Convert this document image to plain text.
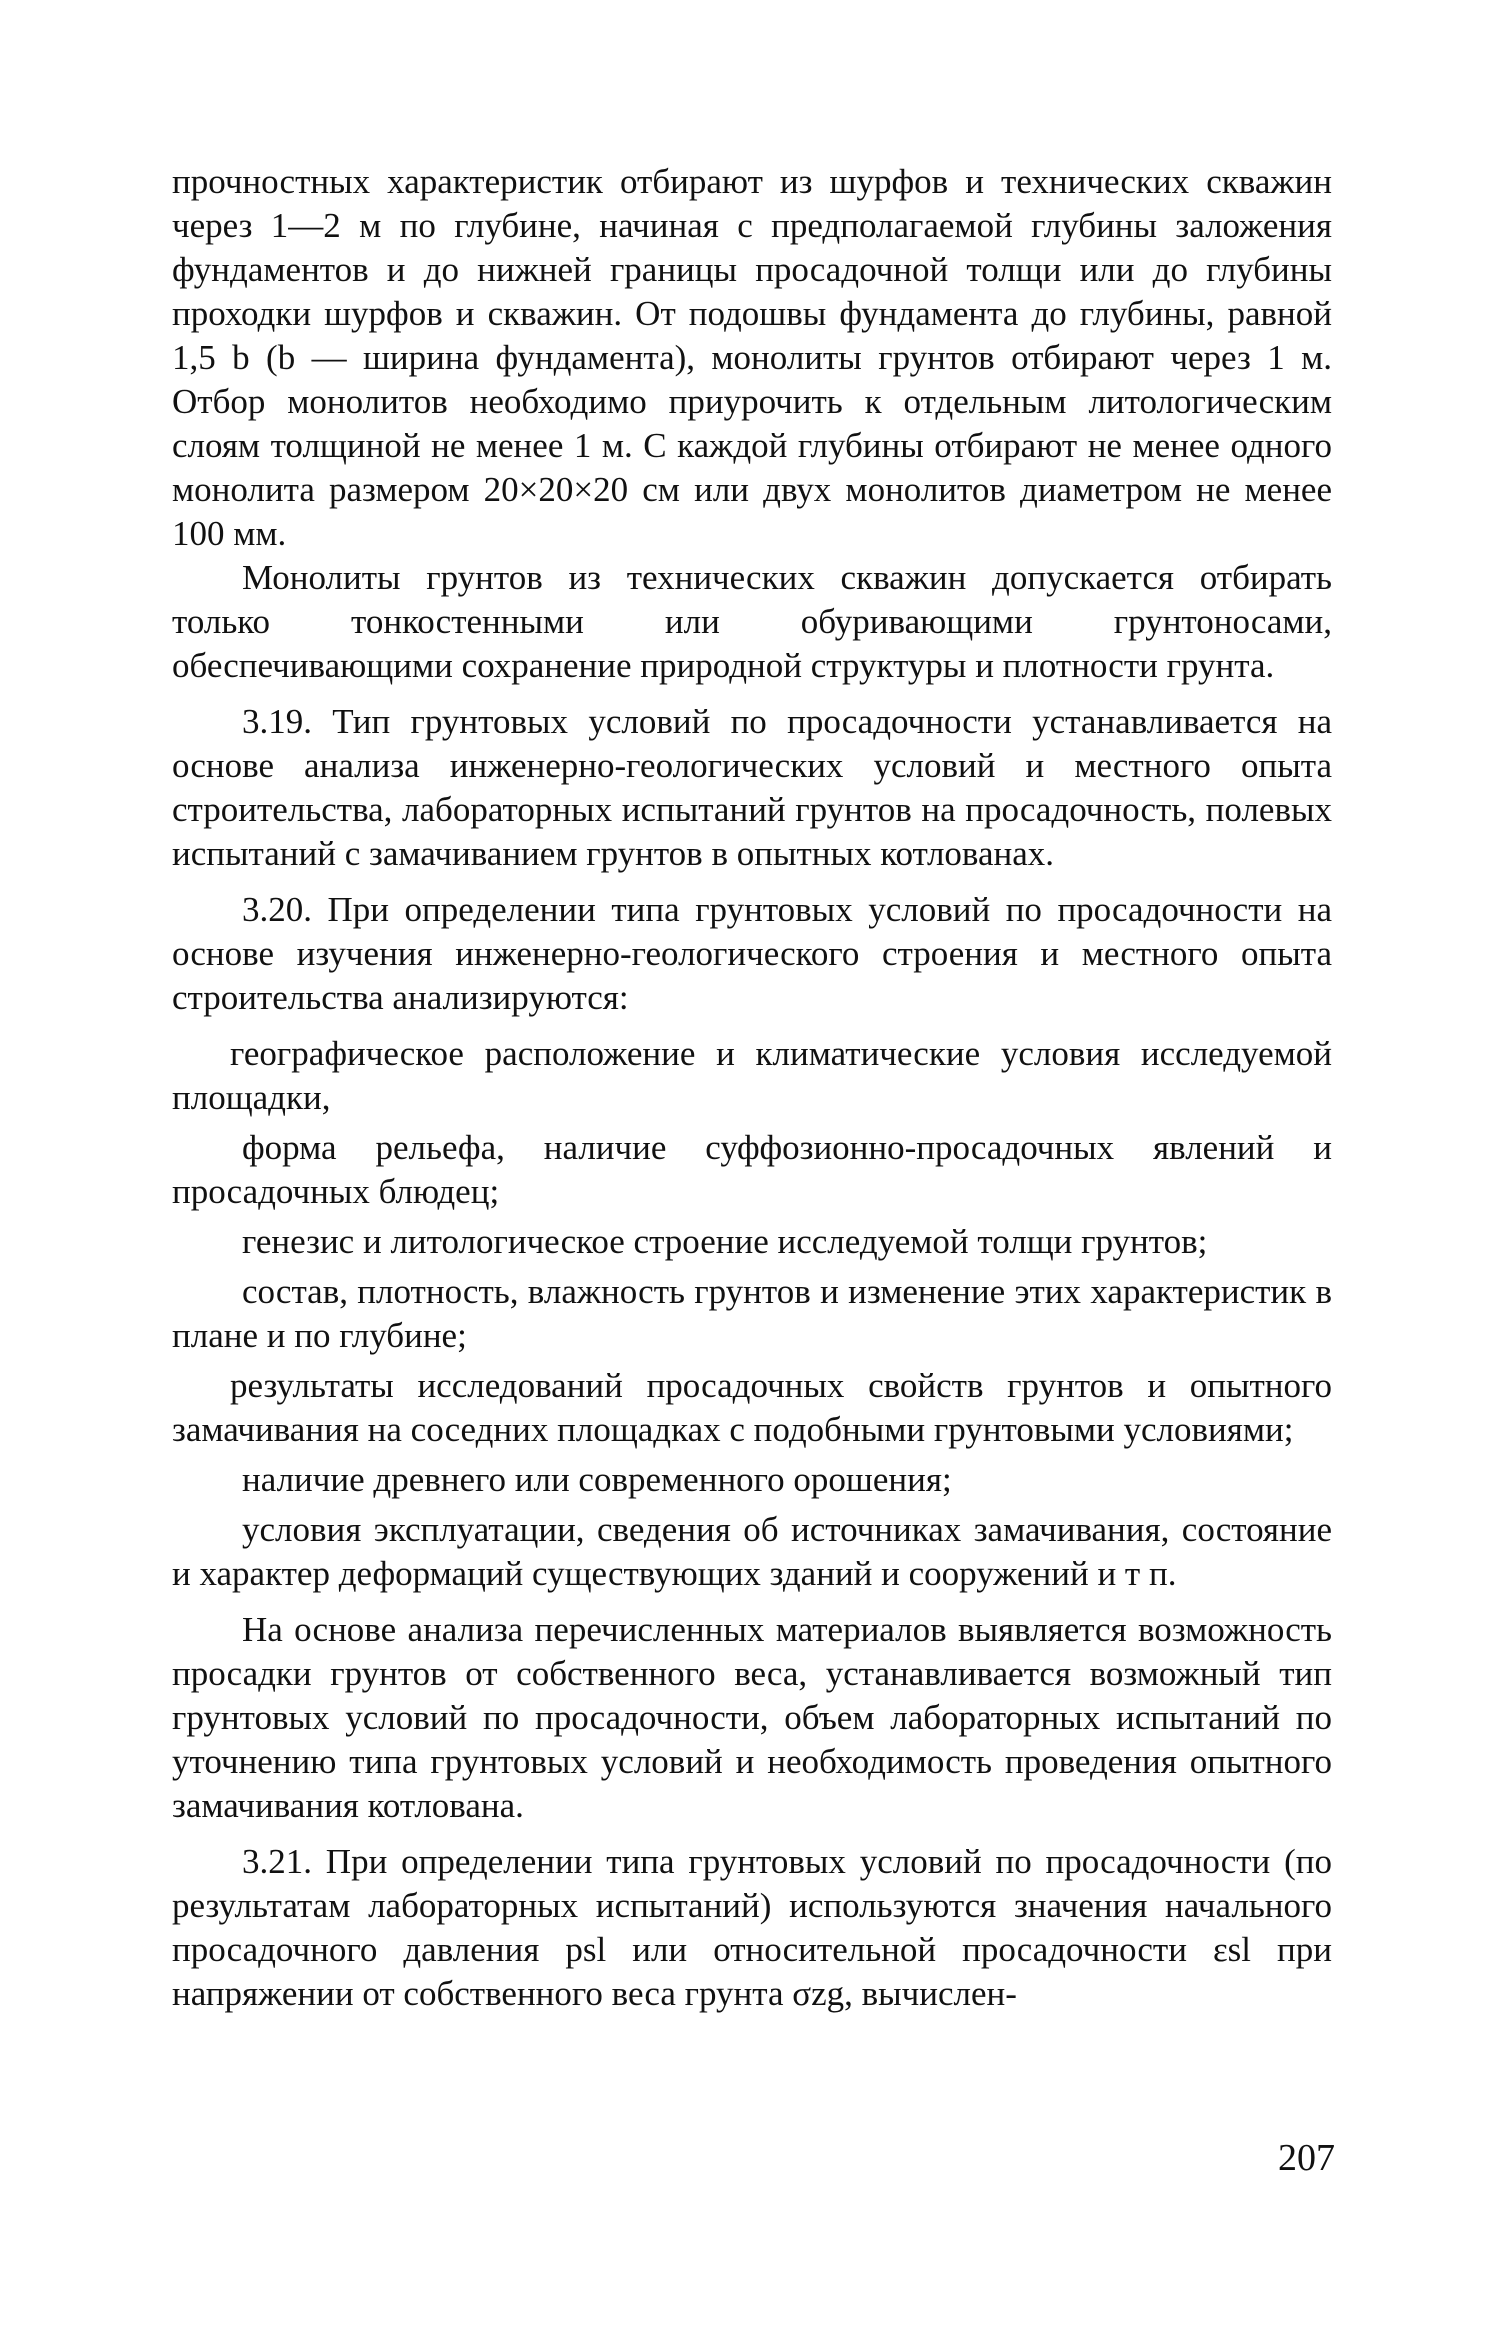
прочностных характеристик отбирают из шурфов и технических скважин через 1—2 м по глубине, начиная с предполагаемой глубины заложения фундаментов и до нижней границы просадочной толщи или до глубины проходки шурфов и скважин. От подошвы фундамента до глубины, равной 1,5 b (b — ширина фундамента), монолиты грунтов отбирают через 1 м. Отбор монолитов необходимо приурочить к отдельным литологическим слоям толщиной не менее 1 м. С каждой глубины отбирают не менее одного монолита размером 20×20×20 см или двух монолитов диаметром не менее 100 мм.

Монолиты грунтов из технических скважин допускается отбирать только тонкостенными или обуривающими грунтоносами, обеспечивающими сохранение природной структуры и плотности грунта.

3.19. Тип грунтовых условий по просадочности устанавливается на основе анализа инженерно-геологических условий и местного опыта строительства, лабораторных испытаний грунтов на просадочность, полевых испытаний с замачиванием грунтов в опытных котлованах.

3.20. При определении типа грунтовых условий по просадочности на основе изучения инженерно-геологического строения и местного опыта строительства анализируются:

географическое расположение и климатические условия исследуемой площадки,

форма рельефа, наличие суффозионно-просадочных явлений и просадочных блюдец;

генезис и литологическое строение исследуемой толщи грунтов;

состав, плотность, влажность грунтов и изменение этих характеристик в плане и по глубине;

результаты исследований просадочных свойств грунтов и опытного замачивания на соседних площадках с подобными грунтовыми условиями;

наличие древнего или современного орошения;

условия эксплуатации, сведения об источниках замачивания, состояние и характер деформаций существующих зданий и сооружений и т п.

На основе анализа перечисленных материалов выявляется возможность просадки грунтов от собственного веса, устанавливается возможный тип грунтовых условий по просадочности, объем лабораторных испытаний по уточнению типа грунтовых условий и необходимость проведения опытного замачивания котлована.

3.21. При определении типа грунтовых условий по просадочности (по результатам лабораторных испытаний) используются значения начального просадочного давления psl или относительной просадочности εsl при напряжении от собственного веса грунта σzg, вычислен-

207
